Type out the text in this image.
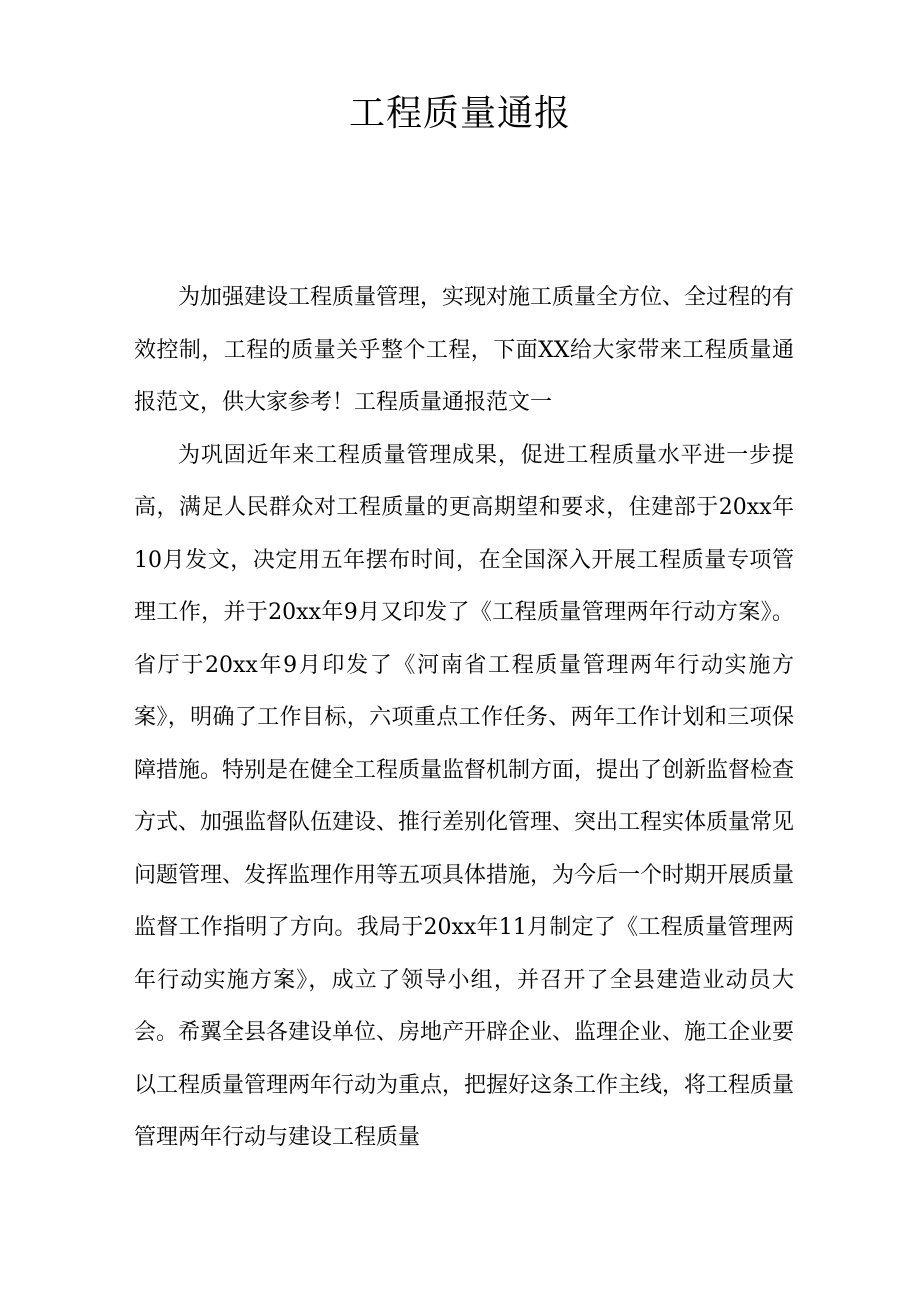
工程质量通报

为加强建设工程质量管理，实现对施工质量全方位、全过程的有效控制，工程的质量关乎整个工程，下面XX给大家带来工程质量通报范文，供大家参考！工程质量通报范文一

为巩固近年来工程质量管理成果，促进工程质量水平进一步提高，满足人民群众对工程质量的更高期望和要求，住建部于20xx年10月发文，决定用五年摆布时间，在全国深入开展工程质量专项管理工作，并于20xx年9月又印发了《工程质量管理两年行动方案》。省厅于20xx年9月印发了《河南省工程质量管理两年行动实施方案》，明确了工作目标，六项重点工作任务、两年工作计划和三项保障措施。特别是在健全工程质量监督机制方面，提出了创新监督检查方式、加强监督队伍建设、推行差别化管理、突出工程实体质量常见问题管理、发挥监理作用等五项具体措施，为今后一个时期开展质量监督工作指明了方向。我局于20xx年11月制定了《工程质量管理两年行动实施方案》，成立了领导小组，并召开了全县建造业动员大会。希翼全县各建设单位、房地产开辟企业、监理企业、施工企业要以工程质量管理两年行动为重点，把握好这条工作主线，将工程质量管理两年行动与建设工程质量
